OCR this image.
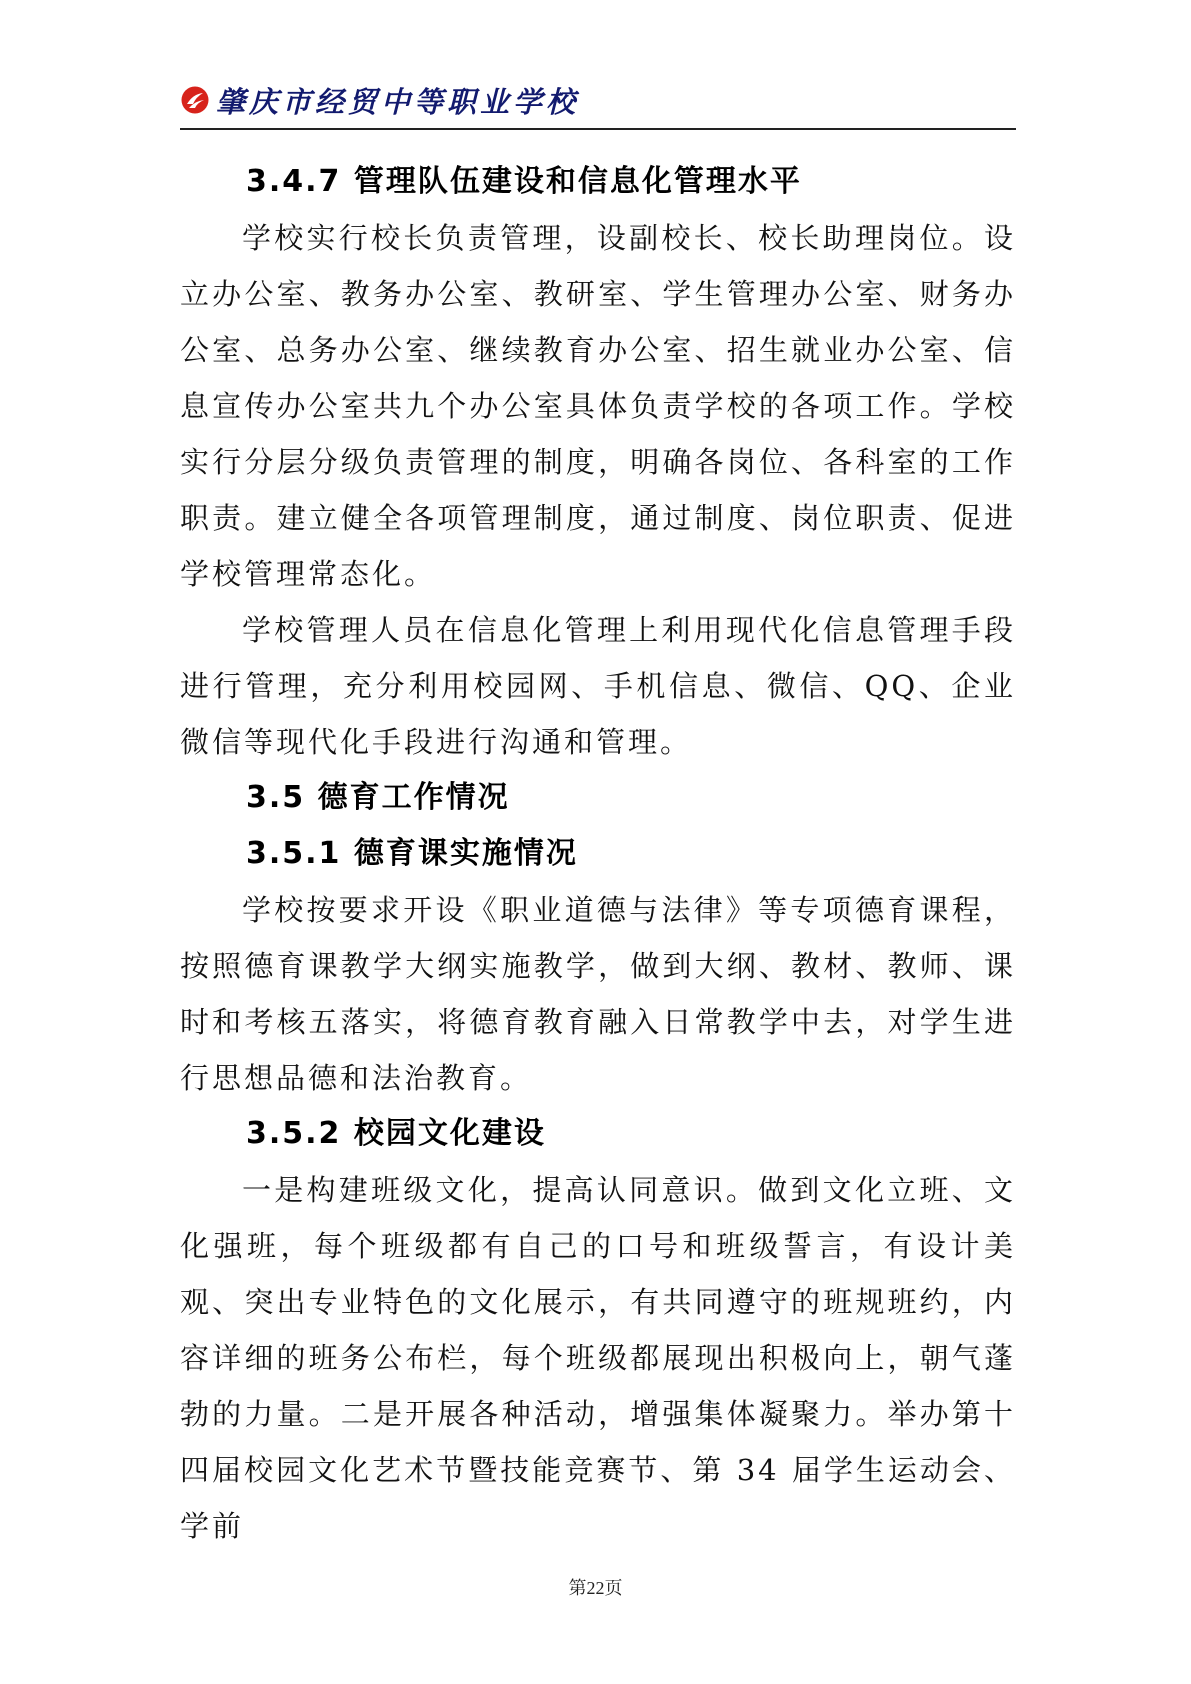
肇庆市经贸中等职业学校
3.4.7 管理队伍建设和信息化管理水平

学校实行校长负责管理，设副校长、校长助理岗位。设立办公室、教务办公室、教研室、学生管理办公室、财务办公室、总务办公室、继续教育办公室、招生就业办公室、信息宣传办公室共九个办公室具体负责学校的各项工作。学校实行分层分级负责管理的制度，明确各岗位、各科室的工作职责。建立健全各项管理制度，通过制度、岗位职责、促进学校管理常态化。

学校管理人员在信息化管理上利用现代化信息管理手段进行管理，充分利用校园网、手机信息、微信、QQ、企业微信等现代化手段进行沟通和管理。

3.5 德育工作情况
3.5.1 德育课实施情况

学校按要求开设《职业道德与法律》等专项德育课程，按照德育课教学大纲实施教学，做到大纲、教材、教师、课时和考核五落实，将德育教育融入日常教学中去，对学生进行思想品德和法治教育。

3.5.2 校园文化建设

一是构建班级文化，提高认同意识。做到文化立班、文化强班，每个班级都有自己的口号和班级誓言，有设计美观、突出专业特色的文化展示，有共同遵守的班规班约，内容详细的班务公布栏，每个班级都展现出积极向上，朝气蓬勃的力量。二是开展各种活动，增强集体凝聚力。举办第十四届校园文化艺术节暨技能竞赛节、第 34 届学生运动会、学前

第22页
